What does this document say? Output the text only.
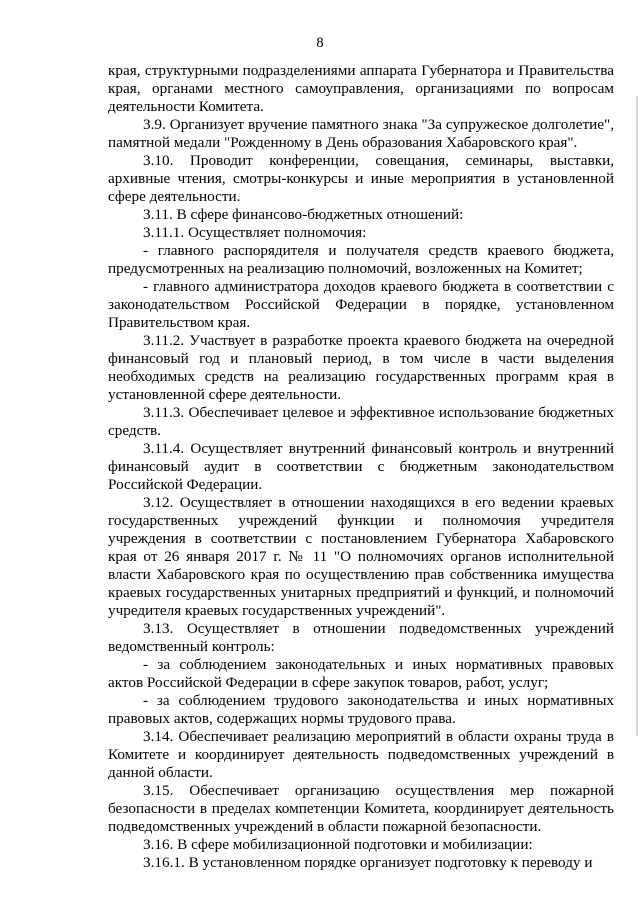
8

края, структурными подразделениями аппарата Губернатора и Правительства края, органами местного самоуправления, организациями по вопросам деятельности Комитета.

3.9. Организует вручение памятного знака "За супружеское долголетие", памятной медали "Рожденному в День образования Хабаровского края".

3.10. Проводит конференции, совещания, семинары, выставки, архивные чтения, смотры-конкурсы и иные мероприятия в установленной сфере деятельности.

3.11. В сфере финансово-бюджетных отношений:

3.11.1. Осуществляет полномочия:

- главного распорядителя и получателя средств краевого бюджета, предусмотренных на реализацию полномочий, возложенных на Комитет;

- главного администратора доходов краевого бюджета в соответствии с законодательством Российской Федерации в порядке, установленном Правительством края.

3.11.2. Участвует в разработке проекта краевого бюджета на очередной финансовый год и плановый период, в том числе в части выделения необходимых средств на реализацию государственных программ края в установленной сфере деятельности.

3.11.3. Обеспечивает целевое и эффективное использование бюджетных средств.

3.11.4. Осуществляет внутренний финансовый контроль и внутренний финансовый аудит в соответствии с бюджетным законодательством Российской Федерации.

3.12. Осуществляет в отношении находящихся в его ведении краевых государственных учреждений функции и полномочия учредителя учреждения в соответствии с постановлением Губернатора Хабаровского края от 26 января 2017 г. № 11 "О полномочиях органов исполнительной власти Хабаровского края по осуществлению прав собственника имущества краевых государственных унитарных предприятий и функций, и полномочий учредителя краевых государственных учреждений".

3.13. Осуществляет в отношении подведомственных учреждений ведомственный контроль:

- за соблюдением законодательных и иных нормативных правовых актов Российской Федерации в сфере закупок товаров, работ, услуг;

- за соблюдением трудового законодательства и иных нормативных правовых актов, содержащих нормы трудового права.

3.14. Обеспечивает реализацию мероприятий в области охраны труда в Комитете и координирует деятельность подведомственных учреждений в данной области.

3.15. Обеспечивает организацию осуществления мер пожарной безопасности в пределах компетенции Комитета, координирует деятельность подведомственных учреждений в области пожарной безопасности.

3.16. В сфере мобилизационной подготовки и мобилизации:

3.16.1. В установленном порядке организует подготовку к переводу и
